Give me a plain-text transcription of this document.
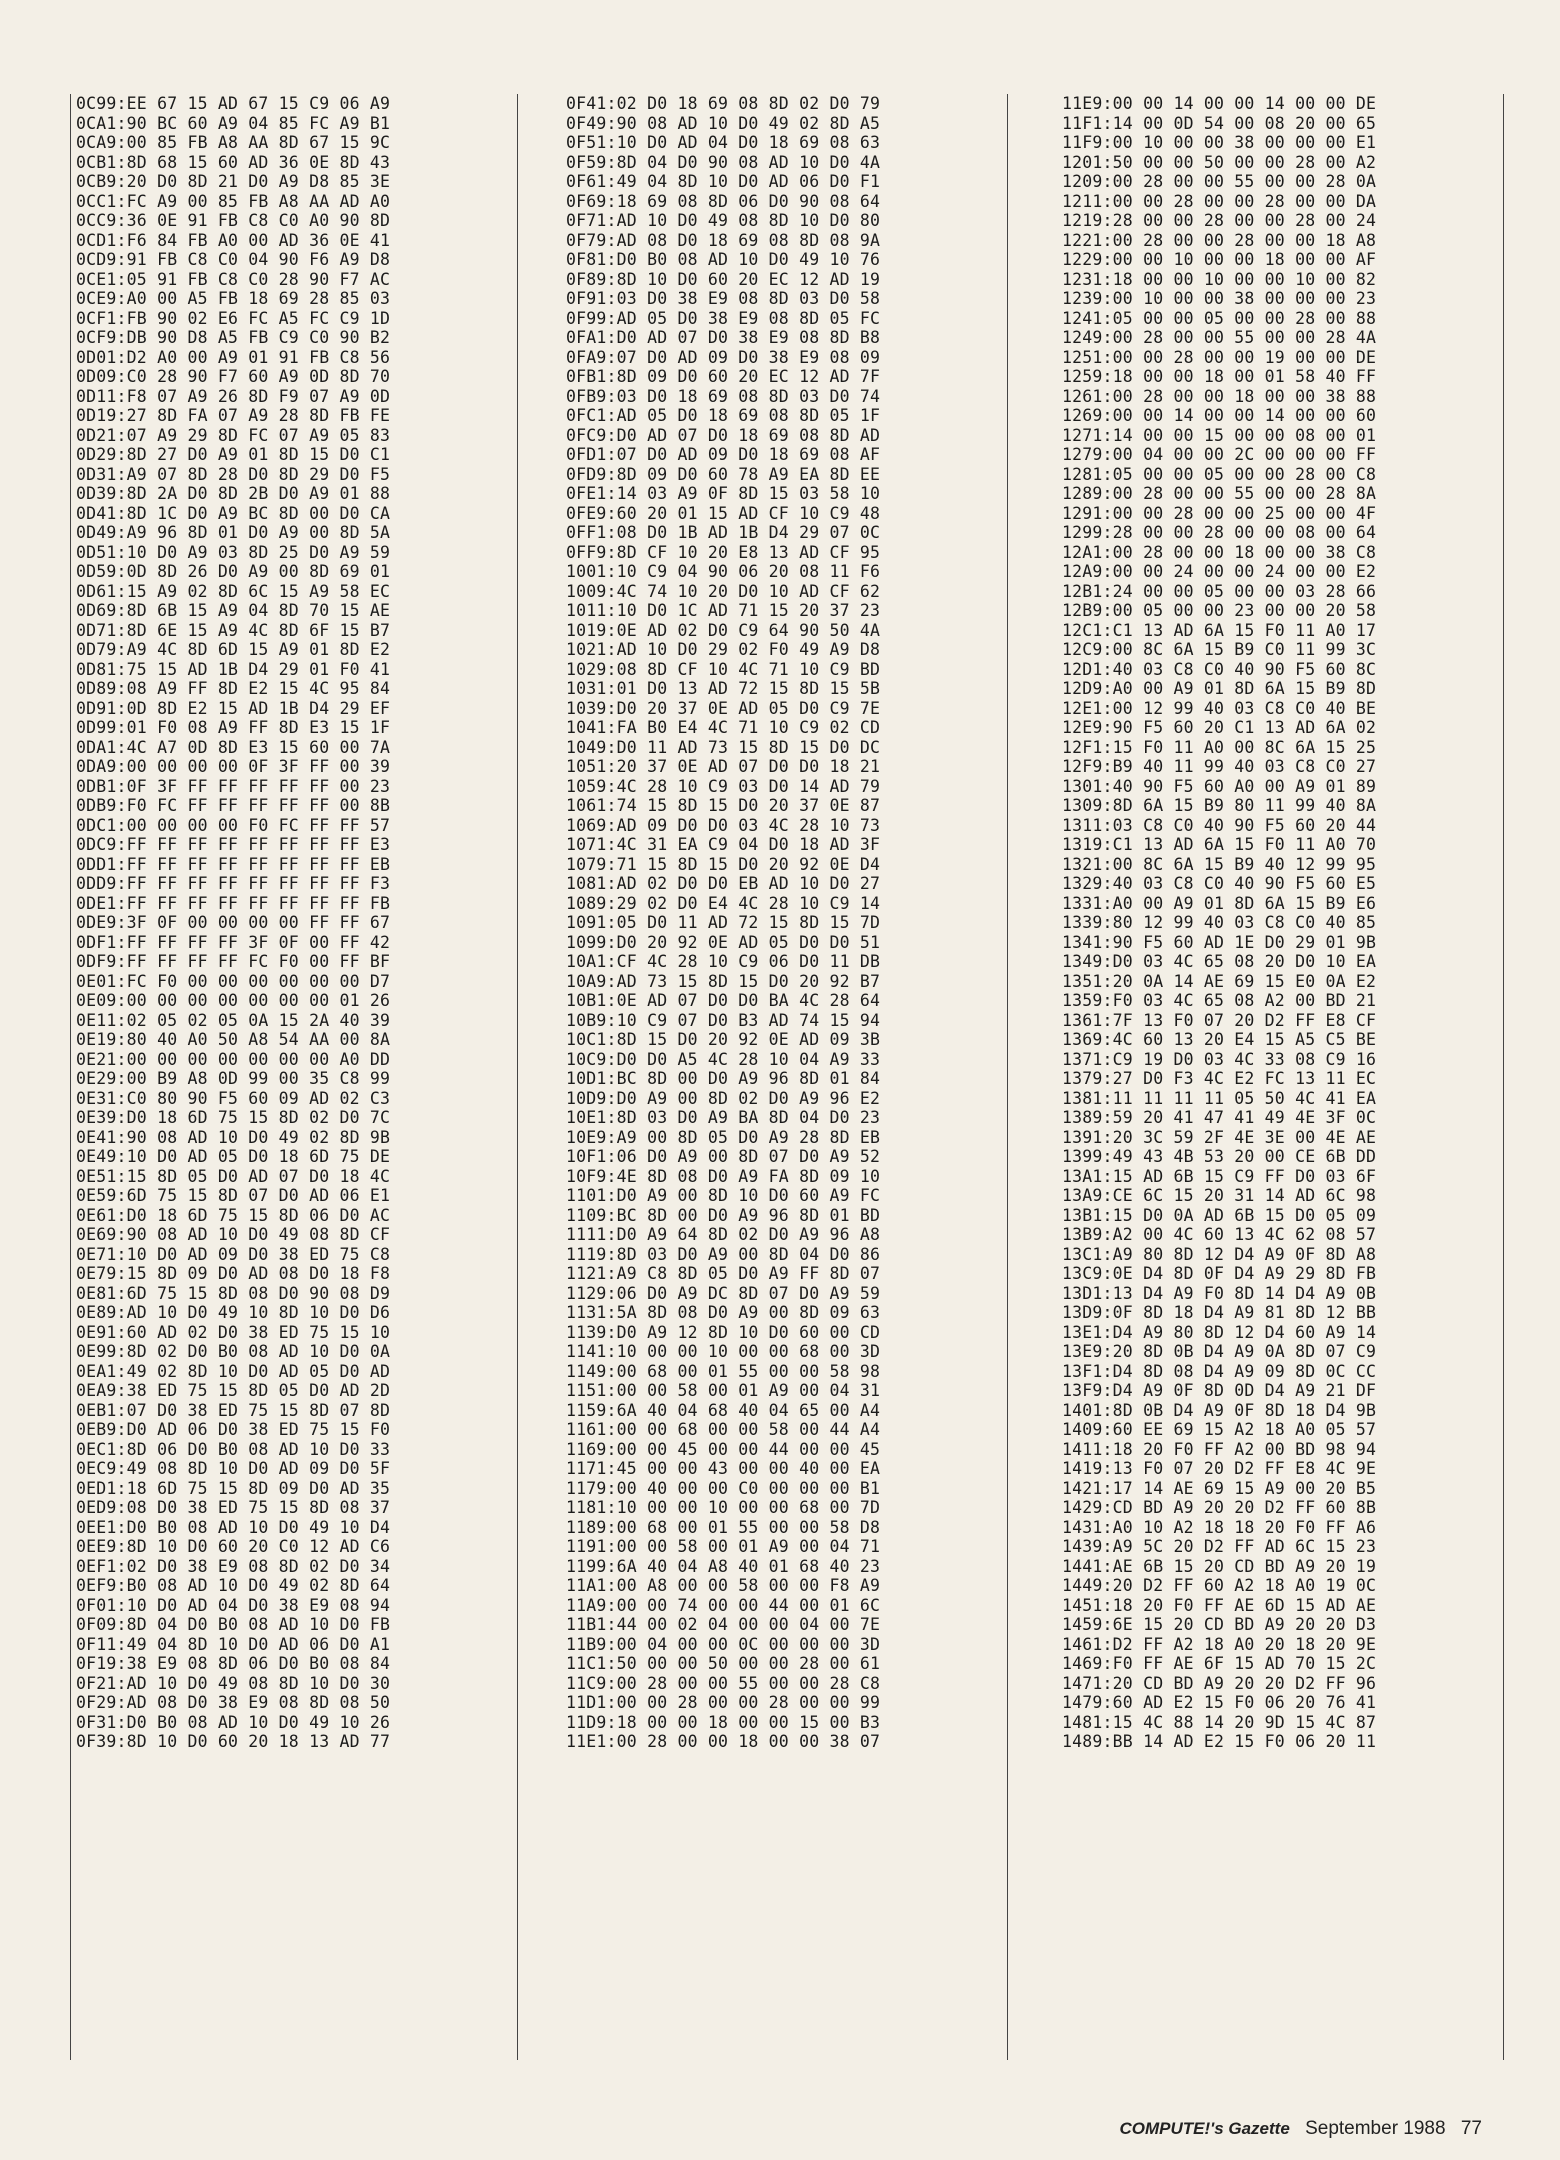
0C99:EE 67 15 AD 67 15 C9 06 A9
0CA1:90 BC 60 A9 04 85 FC A9 B1
0CA9:00 85 FB A8 AA 8D 67 15 9C
0CB1:8D 68 15 60 AD 36 0E 8D 43
0CB9:20 D0 8D 21 D0 A9 D8 85 3E
0CC1:FC A9 00 85 FB A8 AA AD A0
0CC9:36 0E 91 FB C8 C0 A0 90 8D
0CD1:F6 84 FB A0 00 AD 36 0E 41
0CD9:91 FB C8 C0 04 90 F6 A9 D8
0CE1:05 91 FB C8 C0 28 90 F7 AC
0CE9:A0 00 A5 FB 18 69 28 85 03
0CF1:FB 90 02 E6 FC A5 FC C9 1D
0CF9:DB 90 D8 A5 FB C9 C0 90 B2
0D01:D2 A0 00 A9 01 91 FB C8 56
0D09:C0 28 90 F7 60 A9 0D 8D 70
0D11:F8 07 A9 26 8D F9 07 A9 0D
0D19:27 8D FA 07 A9 28 8D FB FE
0D21:07 A9 29 8D FC 07 A9 05 83
0D29:8D 27 D0 A9 01 8D 15 D0 C1
0D31:A9 07 8D 28 D0 8D 29 D0 F5
0D39:8D 2A D0 8D 2B D0 A9 01 88
0D41:8D 1C D0 A9 BC 8D 00 D0 CA
0D49:A9 96 8D 01 D0 A9 00 8D 5A
0D51:10 D0 A9 03 8D 25 D0 A9 59
0D59:0D 8D 26 D0 A9 00 8D 69 01
0D61:15 A9 02 8D 6C 15 A9 58 EC
0D69:8D 6B 15 A9 04 8D 70 15 AE
0D71:8D 6E 15 A9 4C 8D 6F 15 B7
0D79:A9 4C 8D 6D 15 A9 01 8D E2
0D81:75 15 AD 1B D4 29 01 F0 41
0D89:08 A9 FF 8D E2 15 4C 95 84
0D91:0D 8D E2 15 AD 1B D4 29 EF
0D99:01 F0 08 A9 FF 8D E3 15 1F
0DA1:4C A7 0D 8D E3 15 60 00 7A
0DA9:00 00 00 00 0F 3F FF 00 39
0DB1:0F 3F FF FF FF FF FF 00 23
0DB9:F0 FC FF FF FF FF FF 00 8B
0DC1:00 00 00 00 F0 FC FF FF 57
0DC9:FF FF FF FF FF FF FF FF E3
0DD1:FF FF FF FF FF FF FF FF EB
0DD9:FF FF FF FF FF FF FF FF F3
0DE1:FF FF FF FF FF FF FF FF FB
0DE9:3F 0F 00 00 00 00 FF FF 67
0DF1:FF FF FF FF 3F 0F 00 FF 42
0DF9:FF FF FF FF FC F0 00 FF BF
0E01:FC F0 00 00 00 00 00 00 D7
0E09:00 00 00 00 00 00 00 01 26
0E11:02 05 02 05 0A 15 2A 40 39
0E19:80 40 A0 50 A8 54 AA 00 8A
0E21:00 00 00 00 00 00 00 A0 DD
0E29:00 B9 A8 0D 99 00 35 C8 99
0E31:C0 80 90 F5 60 09 AD 02 C3
0E39:D0 18 6D 75 15 8D 02 D0 7C
0E41:90 08 AD 10 D0 49 02 8D 9B
0E49:10 D0 AD 05 D0 18 6D 75 DE
0E51:15 8D 05 D0 AD 07 D0 18 4C
0E59:6D 75 15 8D 07 D0 AD 06 E1
0E61:D0 18 6D 75 15 8D 06 D0 AC
0E69:90 08 AD 10 D0 49 08 8D CF
0E71:10 D0 AD 09 D0 38 ED 75 C8
0E79:15 8D 09 D0 AD 08 D0 18 F8
0E81:6D 75 15 8D 08 D0 90 08 D9
0E89:AD 10 D0 49 10 8D 10 D0 D6
0E91:60 AD 02 D0 38 ED 75 15 10
0E99:8D 02 D0 B0 08 AD 10 D0 0A
0EA1:49 02 8D 10 D0 AD 05 D0 AD
0EA9:38 ED 75 15 8D 05 D0 AD 2D
0EB1:07 D0 38 ED 75 15 8D 07 8D
0EB9:D0 AD 06 D0 38 ED 75 15 F0
0EC1:8D 06 D0 B0 08 AD 10 D0 33
0EC9:49 08 8D 10 D0 AD 09 D0 5F
0ED1:18 6D 75 15 8D 09 D0 AD 35
0ED9:08 D0 38 ED 75 15 8D 08 37
0EE1:D0 B0 08 AD 10 D0 49 10 D4
0EE9:8D 10 D0 60 20 C0 12 AD C6
0EF1:02 D0 38 E9 08 8D 02 D0 34
0EF9:B0 08 AD 10 D0 49 02 8D 64
0F01:10 D0 AD 04 D0 38 E9 08 94
0F09:8D 04 D0 B0 08 AD 10 D0 FB
0F11:49 04 8D 10 D0 AD 06 D0 A1
0F19:38 E9 08 8D 06 D0 B0 08 84
0F21:AD 10 D0 49 08 8D 10 D0 30
0F29:AD 08 D0 38 E9 08 8D 08 50
0F31:D0 B0 08 AD 10 D0 49 10 26
0F39:8D 10 D0 60 20 18 13 AD 77
0F41:02 D0 18 69 08 8D 02 D0 79
0F49:90 08 AD 10 D0 49 02 8D A5
0F51:10 D0 AD 04 D0 18 69 08 63
0F59:8D 04 D0 90 08 AD 10 D0 4A
0F61:49 04 8D 10 D0 AD 06 D0 F1
0F69:18 69 08 8D 06 D0 90 08 64
0F71:AD 10 D0 49 08 8D 10 D0 80
0F79:AD 08 D0 18 69 08 8D 08 9A
0F81:D0 B0 08 AD 10 D0 49 10 76
0F89:8D 10 D0 60 20 EC 12 AD 19
0F91:03 D0 38 E9 08 8D 03 D0 58
0F99:AD 05 D0 38 E9 08 8D 05 FC
0FA1:D0 AD 07 D0 38 E9 08 8D B8
0FA9:07 D0 AD 09 D0 38 E9 08 09
0FB1:8D 09 D0 60 20 EC 12 AD 7F
0FB9:03 D0 18 69 08 8D 03 D0 74
0FC1:AD 05 D0 18 69 08 8D 05 1F
0FC9:D0 AD 07 D0 18 69 08 8D AD
0FD1:07 D0 AD 09 D0 18 69 08 AF
0FD9:8D 09 D0 60 78 A9 EA 8D EE
0FE1:14 03 A9 0F 8D 15 03 58 10
0FE9:60 20 01 15 AD CF 10 C9 48
0FF1:08 D0 1B AD 1B D4 29 07 0C
0FF9:8D CF 10 20 E8 13 AD CF 95
1001:10 C9 04 90 06 20 08 11 F6
1009:4C 74 10 20 D0 10 AD CF 62
1011:10 D0 1C AD 71 15 20 37 23
1019:0E AD 02 D0 C9 64 90 50 4A
1021:AD 10 D0 29 02 F0 49 A9 D8
1029:08 8D CF 10 4C 71 10 C9 BD
1031:01 D0 13 AD 72 15 8D 15 5B
1039:D0 20 37 0E AD 05 D0 C9 7E
1041:FA B0 E4 4C 71 10 C9 02 CD
1049:D0 11 AD 73 15 8D 15 D0 DC
1051:20 37 0E AD 07 D0 D0 18 21
1059:4C 28 10 C9 03 D0 14 AD 79
1061:74 15 8D 15 D0 20 37 0E 87
1069:AD 09 D0 D0 03 4C 28 10 73
1071:4C 31 EA C9 04 D0 18 AD 3F
1079:71 15 8D 15 D0 20 92 0E D4
1081:AD 02 D0 D0 EB AD 10 D0 27
1089:29 02 D0 E4 4C 28 10 C9 14
1091:05 D0 11 AD 72 15 8D 15 7D
1099:D0 20 92 0E AD 05 D0 D0 51
10A1:CF 4C 28 10 C9 06 D0 11 DB
10A9:AD 73 15 8D 15 D0 20 92 B7
10B1:0E AD 07 D0 D0 BA 4C 28 64
10B9:10 C9 07 D0 B3 AD 74 15 94
10C1:8D 15 D0 20 92 0E AD 09 3B
10C9:D0 D0 A5 4C 28 10 04 A9 33
10D1:BC 8D 00 D0 A9 96 8D 01 84
10D9:D0 A9 00 8D 02 D0 A9 96 E2
10E1:8D 03 D0 A9 BA 8D 04 D0 23
10E9:A9 00 8D 05 D0 A9 28 8D EB
10F1:06 D0 A9 00 8D 07 D0 A9 52
10F9:4E 8D 08 D0 A9 FA 8D 09 10
1101:D0 A9 00 8D 10 D0 60 A9 FC
1109:BC 8D 00 D0 A9 96 8D 01 BD
1111:D0 A9 64 8D 02 D0 A9 96 A8
1119:8D 03 D0 A9 00 8D 04 D0 86
1121:A9 C8 8D 05 D0 A9 FF 8D 07
1129:06 D0 A9 DC 8D 07 D0 A9 59
1131:5A 8D 08 D0 A9 00 8D 09 63
1139:D0 A9 12 8D 10 D0 60 00 CD
1141:10 00 00 10 00 00 68 00 3D
1149:00 68 00 01 55 00 00 58 98
1151:00 00 58 00 01 A9 00 04 31
1159:6A 40 04 68 40 04 65 00 A4
1161:00 00 68 00 00 58 00 44 A4
1169:00 00 45 00 00 44 00 00 45
1171:45 00 00 43 00 00 40 00 EA
1179:00 40 00 00 C0 00 00 00 B1
1181:10 00 00 10 00 00 68 00 7D
1189:00 68 00 01 55 00 00 58 D8
1191:00 00 58 00 01 A9 00 04 71
1199:6A 40 04 A8 40 01 68 40 23
11A1:00 A8 00 00 58 00 00 F8 A9
11A9:00 00 74 00 00 44 00 01 6C
11B1:44 00 02 04 00 00 04 00 7E
11B9:00 04 00 00 0C 00 00 00 3D
11C1:50 00 00 50 00 00 28 00 61
11C9:00 28 00 00 55 00 00 28 C8
11D1:00 00 28 00 00 28 00 00 99
11D9:18 00 00 18 00 00 15 00 B3
11E1:00 28 00 00 18 00 00 38 07
11E9:00 00 14 00 00 14 00 00 DE
11F1:14 00 0D 54 00 08 20 00 65
11F9:00 10 00 00 38 00 00 00 E1
1201:50 00 00 50 00 00 28 00 A2
1209:00 28 00 00 55 00 00 28 0A
1211:00 00 28 00 00 28 00 00 DA
1219:28 00 00 28 00 00 28 00 24
1221:00 28 00 00 28 00 00 18 A8
1229:00 00 10 00 00 18 00 00 AF
1231:18 00 00 10 00 00 10 00 82
1239:00 10 00 00 38 00 00 00 23
1241:05 00 00 05 00 00 28 00 88
1249:00 28 00 00 55 00 00 28 4A
1251:00 00 28 00 00 19 00 00 DE
1259:18 00 00 18 00 01 58 40 FF
1261:00 28 00 00 18 00 00 38 88
1269:00 00 14 00 00 14 00 00 60
1271:14 00 00 15 00 00 08 00 01
1279:00 04 00 00 2C 00 00 00 FF
1281:05 00 00 05 00 00 28 00 C8
1289:00 28 00 00 55 00 00 28 8A
1291:00 00 28 00 00 25 00 00 4F
1299:28 00 00 28 00 00 08 00 64
12A1:00 28 00 00 18 00 00 38 C8
12A9:00 00 24 00 00 24 00 00 E2
12B1:24 00 00 05 00 00 03 28 66
12B9:00 05 00 00 23 00 00 20 58
12C1:C1 13 AD 6A 15 F0 11 A0 17
12C9:00 8C 6A 15 B9 C0 11 99 3C
12D1:40 03 C8 C0 40 90 F5 60 8C
12D9:A0 00 A9 01 8D 6A 15 B9 8D
12E1:00 12 99 40 03 C8 C0 40 BE
12E9:90 F5 60 20 C1 13 AD 6A 02
12F1:15 F0 11 A0 00 8C 6A 15 25
12F9:B9 40 11 99 40 03 C8 C0 27
1301:40 90 F5 60 A0 00 A9 01 89
1309:8D 6A 15 B9 80 11 99 40 8A
1311:03 C8 C0 40 90 F5 60 20 44
1319:C1 13 AD 6A 15 F0 11 A0 70
1321:00 8C 6A 15 B9 40 12 99 95
1329:40 03 C8 C0 40 90 F5 60 E5
1331:A0 00 A9 01 8D 6A 15 B9 E6
1339:80 12 99 40 03 C8 C0 40 85
1341:90 F5 60 AD 1E D0 29 01 9B
1349:D0 03 4C 65 08 20 D0 10 EA
1351:20 0A 14 AE 69 15 E0 0A E2
1359:F0 03 4C 65 08 A2 00 BD 21
1361:7F 13 F0 07 20 D2 FF E8 CF
1369:4C 60 13 20 E4 15 A5 C5 BE
1371:C9 19 D0 03 4C 33 08 C9 16
1379:27 D0 F3 4C E2 FC 13 11 EC
1381:11 11 11 11 05 50 4C 41 EA
1389:59 20 41 47 41 49 4E 3F 0C
1391:20 3C 59 2F 4E 3E 00 4E AE
1399:49 43 4B 53 20 00 CE 6B DD
13A1:15 AD 6B 15 C9 FF D0 03 6F
13A9:CE 6C 15 20 31 14 AD 6C 98
13B1:15 D0 0A AD 6B 15 D0 05 09
13B9:A2 00 4C 60 13 4C 62 08 57
13C1:A9 80 8D 12 D4 A9 0F 8D A8
13C9:0E D4 8D 0F D4 A9 29 8D FB
13D1:13 D4 A9 F0 8D 14 D4 A9 0B
13D9:0F 8D 18 D4 A9 81 8D 12 BB
13E1:D4 A9 80 8D 12 D4 60 A9 14
13E9:20 8D 0B D4 A9 0A 8D 07 C9
13F1:D4 8D 08 D4 A9 09 8D 0C CC
13F9:D4 A9 0F 8D 0D D4 A9 21 DF
1401:8D 0B D4 A9 0F 8D 18 D4 9B
1409:60 EE 69 15 A2 18 A0 05 57
1411:18 20 F0 FF A2 00 BD 98 94
1419:13 F0 07 20 D2 FF E8 4C 9E
1421:17 14 AE 69 15 A9 00 20 B5
1429:CD BD A9 20 20 D2 FF 60 8B
1431:A0 10 A2 18 18 20 F0 FF A6
1439:A9 5C 20 D2 FF AD 6C 15 23
1441:AE 6B 15 20 CD BD A9 20 19
1449:20 D2 FF 60 A2 18 A0 19 0C
1451:18 20 F0 FF AE 6D 15 AD AE
1459:6E 15 20 CD BD A9 20 20 D3
1461:D2 FF A2 18 A0 20 18 20 9E
1469:F0 FF AE 6F 15 AD 70 15 2C
1471:20 CD BD A9 20 20 D2 FF 96
1479:60 AD E2 15 F0 06 20 76 41
1481:15 4C 88 14 20 9D 15 4C 87
1489:BB 14 AD E2 15 F0 06 20 11
COMPUTE!'s Gazette September 1988 77
